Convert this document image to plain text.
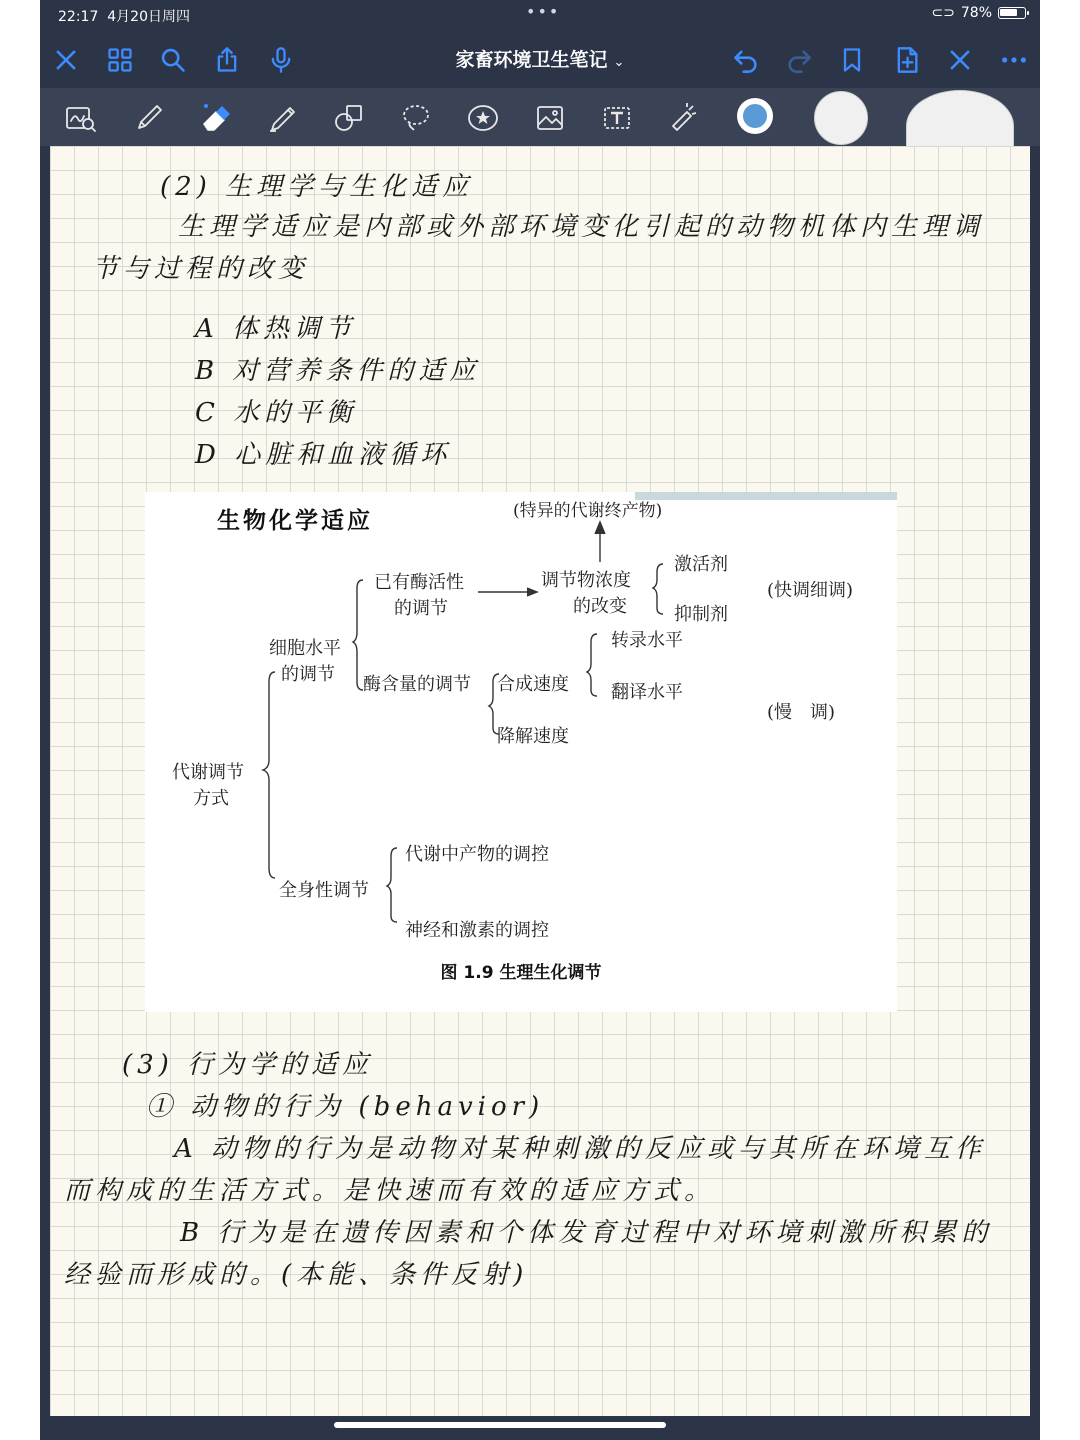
22:17 4月20日周四	•••	⊂⊃ 78%
家畜环境卫生笔记 ⌄
(2) 生理学与生化适应
生理学适应是内部或外部环境变化引起的动物机体内生理调
节与过程的改变
A 体热调节
B 对营养条件的适应
C 水的平衡
D 心脏和血液循环
生物化学适应	(特异的代谢终产物)
已有酶活性
的调节
调节物浓度
的改变
激活剂
抑制剂
(快调细调)
细胞水平
的调节
转录水平
酶含量的调节 合成速度 翻译水平
(慢　调)
降解速度
代谢调节
方式
代谢中产物的调控
全身性调节
神经和激素的调控
图 1.9 生理生化调节
(3) 行为学的适应
① 动物的行为 (behavior)
A 动物的行为是动物对某种刺激的反应或与其所在环境互作
而构成的生活方式。是快速而有效的适应方式。
B 行为是在遗传因素和个体发育过程中对环境刺激所积累的
经验而形成的。(本能、条件反射)
